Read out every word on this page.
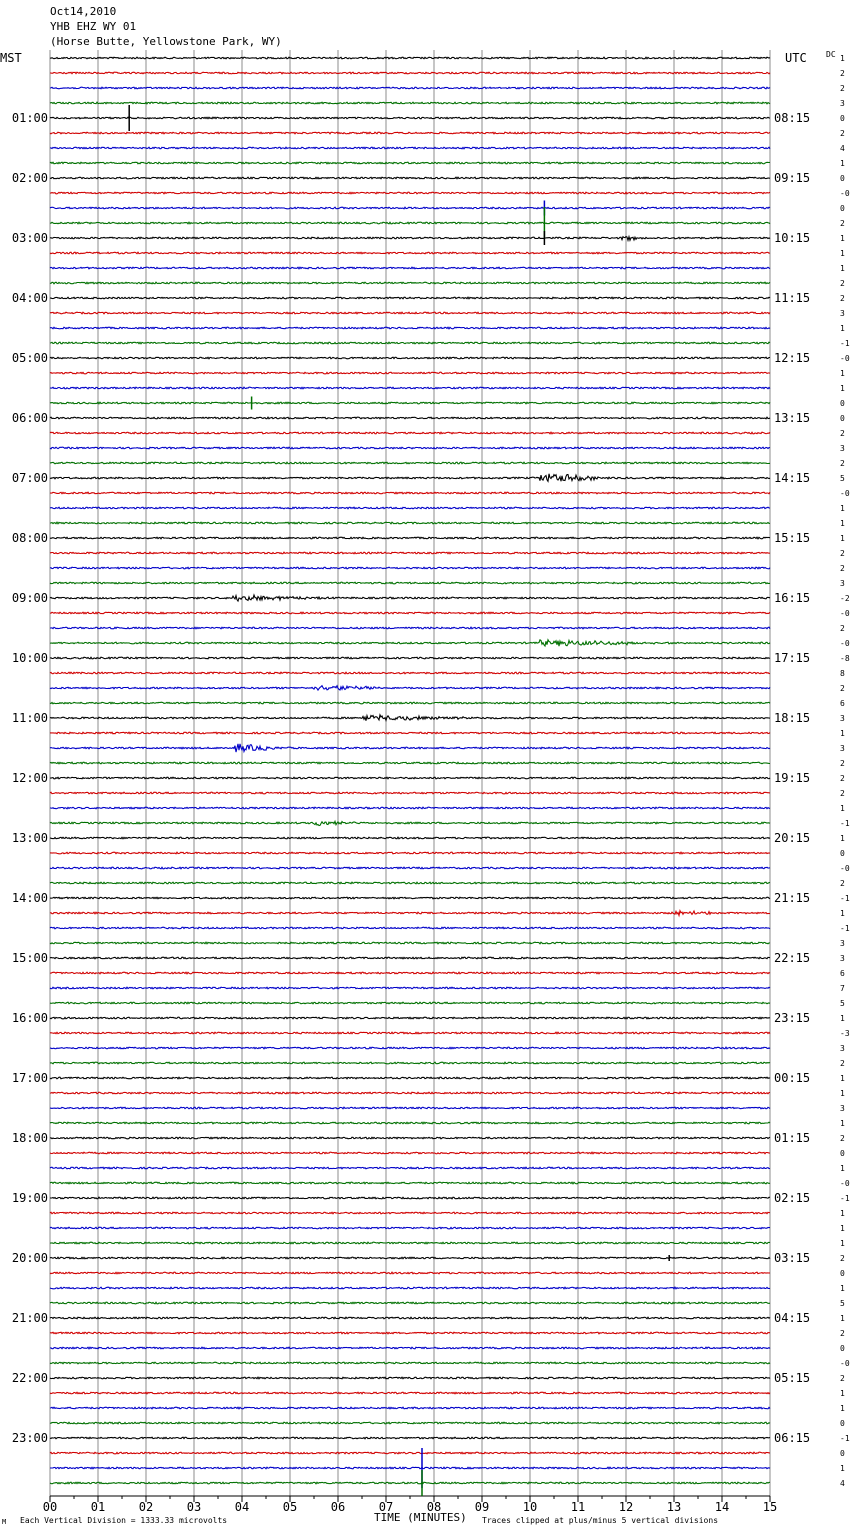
Oct14,2010
YHB EHZ WY 01
(Horse Butte, Yellowstone Park, WY)
MST	UTC DC
00	01	02	03	04	05	06	07	08	09	10	11	12	13	14	15
1
2
2
3
0
01:00	08:15
2
4
1
0
02:00	09:15
-0
0
2
1
03:00	10:15
1
1
2
2
04:00	11:15
3
1
-1
-0
05:00	12:15
1
1
0
0
06:00	13:15
2
3
2
5
07:00	14:15
-0
1
1
1
08:00	15:15
2
2
3
-2
09:00	16:15
-0
2
-0
-8
10:00	17:15
8
2
6
3
11:00	18:15
1
3
2
2
12:00	19:15
2
1
-1
1
13:00	20:15
0
-0
2
-1
14:00	21:15
1
-1
3
3
15:00	22:15
6
7
5
1
16:00	23:15
-3
3
2
1
17:00	00:15
1
3
1
2
18:00	01:15
0
1
-0
-1
19:00	02:15
1
1
1
2
20:00	03:15
0
1
5
1
21:00	04:15
2
0
-0
2
22:00	05:15
1
1
0
-1
23:00	06:15
0
1
4
M Each Vertical Division = 1333.33 microvolts	TIME (MINUTES) Traces clipped at plus/minus 5 vertical divisions
